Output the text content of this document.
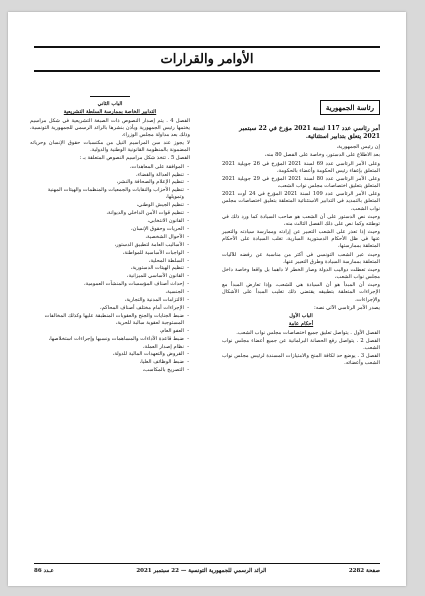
الأوامر والقرارات
رئاسة الجمهورية
أمر رئاسي عدد 117 لسنة 2021 مؤرخ في 22 سبتمبر 2021 يتعلق بتدابير استثنائية.

إن رئيس الجمهورية،

بعد الاطلاع على الدستور، وخاصة على الفصل 80 منه،

وعلى الأمر الرئاسي عدد 69 لسنة 2021 المؤرخ في 26 جويلية 2021 المتعلق بإعفاء رئيس الحكومة وأعضاء بالحكومة،

وعلى الأمر الرئاسي عدد 80 لسنة 2021 المؤرخ في 29 جويلية 2021 المتعلق بتعليق اختصاصات مجلس نواب الشعب،

وعلى الأمر الرئاسي عدد 109 لسنة 2021 المؤرخ في 24 أوت 2021 المتعلق بالتمديد في التدابير الاستثنائية المتعلقة بتعليق اختصاصات مجلس نواب الشعب،

وحيث نص الدستور على أن الشعب هو صاحب السيادة كما ورد ذلك في توطئته وكما نص على ذلك الفصل الثالث منه،

وحيث إذا تعذر على الشعب التعبير عن إرادته وممارسة سيادته والتعبير عنها في ظل الأحكام الدستورية السارية، تغلب السيادة على الأحكام المتعلقة بممارستها،

وحيث عبر الشعب التونسي في أكثر من مناسبة عن رفضه للآليات المتعلقة بممارسة السيادة وطرق التعبير عنها،

وحيث تعطلت دواليب الدولة وصار الخطر لا داهما بل واقعا وخاصة داخل مجلس نواب الشعب،

وحيث أن المبدأ هو أن السيادة هي للشعب، وإذا تعارض المبدأ مع الإجراءات المتعلقة بتطبيقه يقتضي ذلك تغليب المبدأ على الأشكال والإجراءات،

يصدر الأمر الرئاسي الآتي نصه:

الباب الأول

أحكام عامة

الفصل الأول . يتواصل تعليق جميع اختصاصات مجلس نواب الشعب.

الفصل 2 . يتواصل رفع الحصانة البرلمانية عن جميع أعضاء مجلس نواب الشعب.

الفصل 3 . يوضع حد لكافة المنح والامتيازات المسندة لرئيس مجلس نواب الشعب وأعضائه.

الباب الثاني

التدابير الخاصة بممارسة السلطة التشريعية

الفصل 4 . يتم إصدار النصوص ذات الصبغة التشريعية في شكل مراسيم يختمها رئيس الجمهورية ويأذن بنشرها بالرائد الرسمي للجمهورية التونسية، وذلك بعد مداولة مجلس الوزراء.

لا يجوز عند سن المراسيم النيل من مكتسبات حقوق الإنسان وحرياته المضمونة بالمنظومة القانونية الوطنية والدولية.

الفصل 5 . تتخذ شكل مراسيم النصوص المتعلقة بـ :

- الموافقة على المعاهدات،
- تنظيم العدالة والقضاء،
- تنظيم الإعلام والصحافة والنشر،
- تنظيم الأحزاب والنقابات والجمعيات والمنظمات والهيئات المهنية وتمويلها،
- تنظيم الجيش الوطني،
- تنظيم قوات الأمن الداخلي والديوانة،
- القانون الانتخابي،
- الحريات وحقوق الإنسان،
- الأحوال الشخصية،
- الأساليب العامة لتطبيق الدستور،
- الواجبات الأساسية للمواطنة،
- السلطة المحلية،
- تنظيم الهيئات الدستورية،
- القانون الأساسي للميزانية،
- إحداث أصناف المؤسسات والمنشآت العمومية،
- الجنسية،
- الالتزامات المدنية والتجارية،
- الإجراءات أمام مختلف أصناف المحاكم،
- ضبط الجنايات والجنح والعقوبات المنطبقة عليها وكذلك المخالفات المستوجبة لعقوبة سالبة للحرية،
- العفو العام،
- ضبط قاعدة الأداءات والمساهمات ونسبها وإجراءات استخلاصها،
- نظام إصدار العملة،
- القروض والتعهدات المالية للدولة،
- ضبط الوظائف العليا،
- التصريح بالمكاسب،
صفحة 2282
الرائد الرسمي للجمهورية التونسية — 22 سبتمبر 2021
عـدد 86
